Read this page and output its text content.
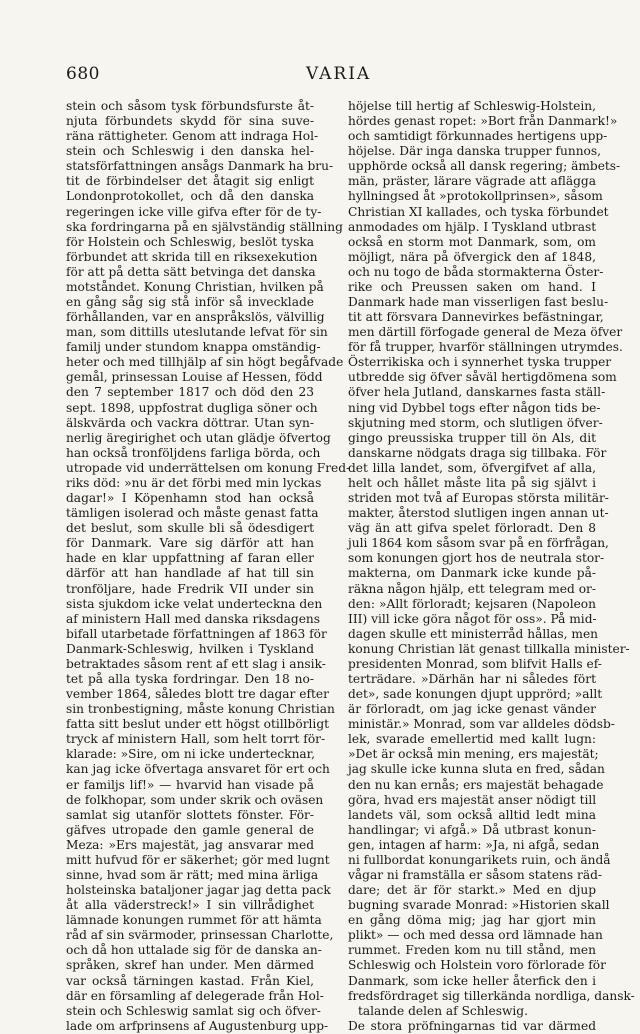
680	VARIA
stein och såsom tysk förbundsfurste åt-
njuta förbundets skydd för sina suve-
räna rättigheter. Genom att indraga Hol-
stein och Schleswig i den danska hel-
statsförfattningen ansågs Danmark ha bru-
tit de förbindelser det åtagit sig enligt
Londonprotokollet, och då den danska
regeringen icke ville gifva efter för de ty-
ska fordringarna på en självständig ställning
för Holstein och Schleswig, beslöt tyska
förbundet att skrida till en riksexekution
för att på detta sätt betvinga det danska
motståndet. Konung Christian, hvilken på
en gång såg sig stå inför så invecklade
förhållanden, var en anspråkslös, välvillig
man, som dittills uteslutande lefvat för sin
familj under stundom knappa omständig-
heter och med tillhjälp af sin högt begåfvade
gemål, prinsessan Louise af Hessen, född
den 7 september 1817 och död den 23
sept. 1898, uppfostrat dugliga söner och
älskvärda och vackra döttrar. Utan syn-
nerlig äregirighet och utan glädje öfvertog
han också tronföljdens farliga börda, och
utropade vid underrättelsen om konung Fred-
riks död: »nu är det förbi med min lyckas
dagar!» I Köpenhamn stod han också
tämligen isolerad och måste genast fatta
det beslut, som skulle bli så ödesdigert
för Danmark. Vare sig därför att han
hade en klar uppfattning af faran eller
därför att han handlade af hat till sin
tronföljare, hade Fredrik VII under sin
sista sjukdom icke velat underteckna den
af ministern Hall med danska riksdagens
bifall utarbetade författningen af 1863 för
Danmark-Schleswig, hvilken i Tyskland
betraktades såsom rent af ett slag i ansik-
tet på alla tyska fordringar. Den 18 no-
vember 1864, således blott tre dagar efter
sin tronbestigning, måste konung Christian
fatta sitt beslut under ett högst otillbörligt
tryck af ministern Hall, som helt torrt för-
klarade: »Sire, om ni icke undertecknar,
kan jag icke öfvertaga ansvaret för ert och
er familjs lif!» — hvarvid han visade på
de folkhopar, som under skrik och oväsen
samlat sig utanför slottets fönster. För-
gäfves utropade den gamle general de
Meza: »Ers majestät, jag ansvarar med
mitt hufvud för er säkerhet; gör med lugnt
sinne, hvad som är rätt; med mina ärliga
holsteinska bataljoner jagar jag detta pack
åt alla väderstreck!» I sin villrådighet
lämnade konungen rummet för att hämta
råd af sin svärmoder, prinsessan Charlotte,
och då hon uttalade sig för de danska an-
språken, skref han under. Men därmed
var också tärningen kastad. Från Kiel,
där en församling af delegerade från Hol-
stein och Schleswig samlat sig och öfver-
lade om arfprinsens af Augustenburg upp-
höjelse till hertig af Schleswig-Holstein,
hördes genast ropet: »Bort från Danmark!»
och samtidigt förkunnades hertigens upp-
höjelse. Där inga danska trupper funnos,
upphörde också all dansk regering; ämbets-
män, präster, lärare vägrade att aflägga
hyllningsed åt »protokollprinsen», såsom
Christian XI kallades, och tyska förbundet
anmodades om hjälp. I Tyskland utbrast
också en storm mot Danmark, som, om
möjligt, nära på öfvergick den af 1848,
och nu togo de båda stormakterna Öster-
rike och Preussen saken om hand. I
Danmark hade man visserligen fast beslu-
tit att försvara Dannevirkes befästningar,
men därtill förfogade general de Meza öfver
för få trupper, hvarför ställningen utrymdes.
Österrikiska och i synnerhet tyska trupper
utbredde sig öfver såväl hertigdömena som
öfver hela Jutland, danskarnes fasta ställ-
ning vid Dybbel togs efter någon tids be-
skjutning med storm, och slutligen öfver-
gingo preussiska trupper till ön Als, dit
danskarne nödgats draga sig tillbaka. För
det lilla landet, som, öfvergifvet af alla,
helt och hållet måste lita på sig självt i
striden mot två af Europas största militär-
makter, återstod slutligen ingen annan ut-
väg än att gifva spelet förloradt. Den 8
juli 1864 kom såsom svar på en förfrågan,
som konungen gjort hos de neutrala stor-
makterna, om Danmark icke kunde på-
räkna någon hjälp, ett telegram med or-
den: »Allt förloradt; kejsaren (Napoleon
III) vill icke göra något för oss». På mid-
dagen skulle ett ministerråd hållas, men
konung Christian lät genast tillkalla minister-
presidenten Monrad, som blifvit Halls ef-
terträdare. »Därhän har ni således fört
det», sade konungen djupt upprörd; »allt
är förloradt, om jag icke genast vänder
ministär.» Monrad, som var alldeles dödsb-
lek, svarade emellertid med kallt lugn:
»Det är också min mening, ers majestät;
jag skulle icke kunna sluta en fred, sådan
den nu kan ernås; ers majestät behagade
göra, hvad ers majestät anser nödigt till
landets väl, som också alltid ledt mina
handlingar; vi afgå.» Då utbrast konun-
gen, intagen af harm: »Ja, ni afgå, sedan
ni fullbordat konungarikets ruin, och ändå
vågar ni framställa er såsom statens räd-
dare; det är för starkt.» Med en djup
bugning svarade Monrad: »Historien skall
en gång döma mig; jag har gjort min
plikt» — och med dessa ord lämnade han
rummet. Freden kom nu till stånd, men
Schleswig och Holstein voro förlorade för
Danmark, som icke heller återfick den i
fredsfördraget sig tillerkända nordliga, dansk-
talande delen af Schleswig.
De stora pröfningarnas tid var därmed
